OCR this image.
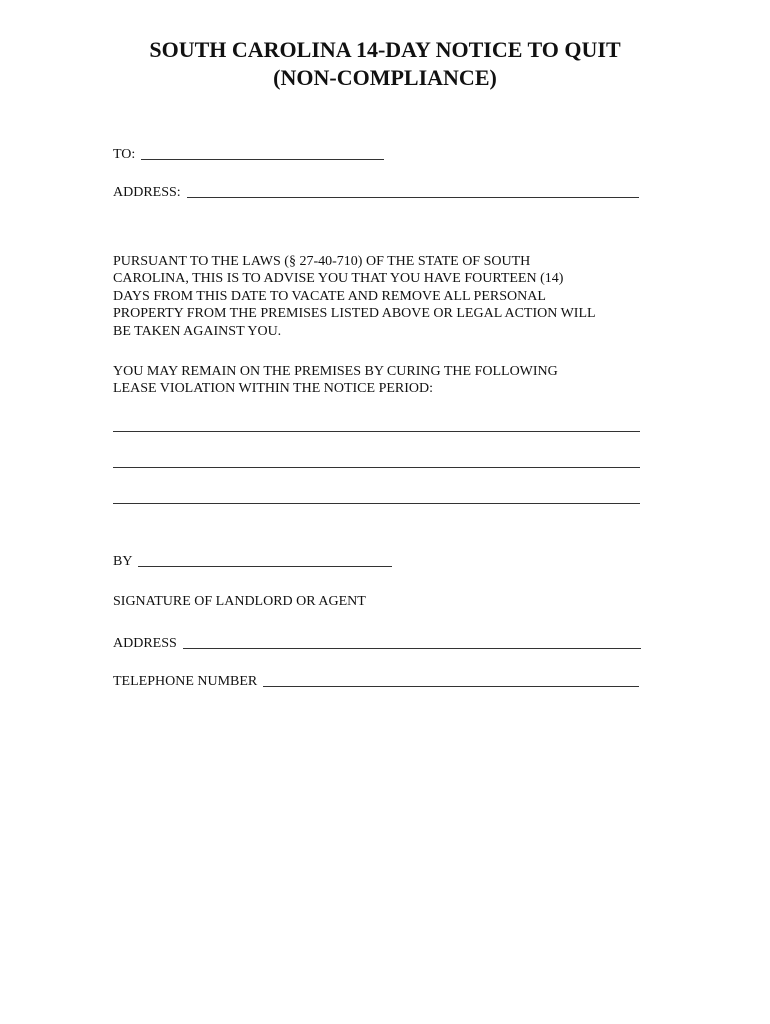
SOUTH CAROLINA 14-DAY NOTICE TO QUIT
(NON-COMPLIANCE)
TO:
ADDRESS:

PURSUANT TO THE LAWS (§ 27-40-710) OF THE STATE OF SOUTH
CAROLINA, THIS IS TO ADVISE YOU THAT YOU HAVE FOURTEEN (14)
DAYS FROM THIS DATE TO VACATE AND REMOVE ALL PERSONAL
PROPERTY FROM THE PREMISES LISTED ABOVE OR LEGAL ACTION WILL
BE TAKEN AGAINST YOU.

YOU MAY REMAIN ON THE PREMISES BY CURING THE FOLLOWING
LEASE VIOLATION WITHIN THE NOTICE PERIOD:

BY
SIGNATURE OF LANDLORD OR AGENT
ADDRESS
TELEPHONE NUMBER
